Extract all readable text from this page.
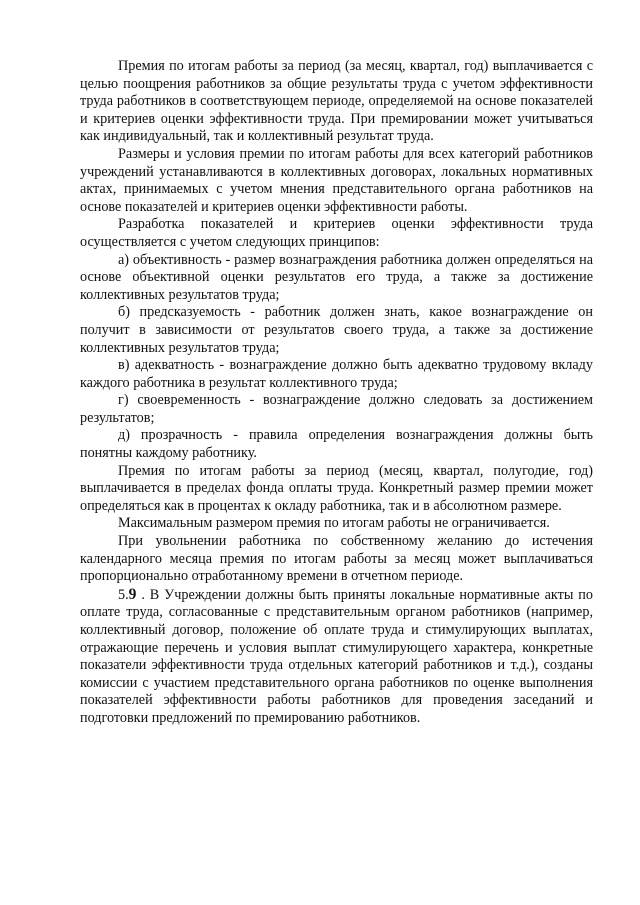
Премия по итогам работы за период (за месяц, квартал, год) выплачивается с целью поощрения работников за общие результаты труда с учетом эффективности труда работников в соответствующем периоде, определяемой на основе показателей и критериев оценки эффективности труда. При премировании может учитываться как индивидуальный, так и коллективный результат труда.

Размеры и условия премии по итогам работы для всех категорий работников учреждений устанавливаются в коллективных договорах, локальных нормативных актах, принимаемых с учетом мнения представительного органа работников на основе показателей и критериев оценки эффективности работы.

Разработка показателей и критериев оценки эффективности труда осуществляется с учетом следующих принципов:

а) объективность - размер вознаграждения работника должен определяться на основе объективной оценки результатов его труда, а также за достижение коллективных результатов труда;

б) предсказуемость - работник должен знать, какое вознаграждение он получит в зависимости от результатов своего труда, а также за достижение коллективных результатов труда;

в) адекватность - вознаграждение должно быть адекватно трудовому вкладу каждого работника в результат коллективного труда;

г) своевременность - вознаграждение должно следовать за достижением результатов;

д) прозрачность - правила определения вознаграждения должны быть понятны каждому работнику.

Премия по итогам работы за период (месяц, квартал, полугодие, год) выплачивается в пределах фонда оплаты труда. Конкретный размер премии может определяться как в процентах к окладу работника, так и в абсолютном размере.

Максимальным размером премия по итогам работы не ограничивается.

При увольнении работника по собственному желанию до истечения календарного месяца премия по итогам работы за месяц может выплачиваться пропорционально отработанному времени в отчетном периоде.

5.9 . В Учреждении должны быть приняты локальные нормативные акты по оплате труда, согласованные с представительным органом работников (например, коллективный договор, положение об оплате труда и стимулирующих выплатах, отражающие перечень и условия выплат стимулирующего характера, конкретные показатели эффективности труда отдельных категорий работников и т.д.), созданы комиссии с участием представительного органа работников по оценке выполнения показателей эффективности работы работников для проведения заседаний и подготовки предложений по премированию работников.
